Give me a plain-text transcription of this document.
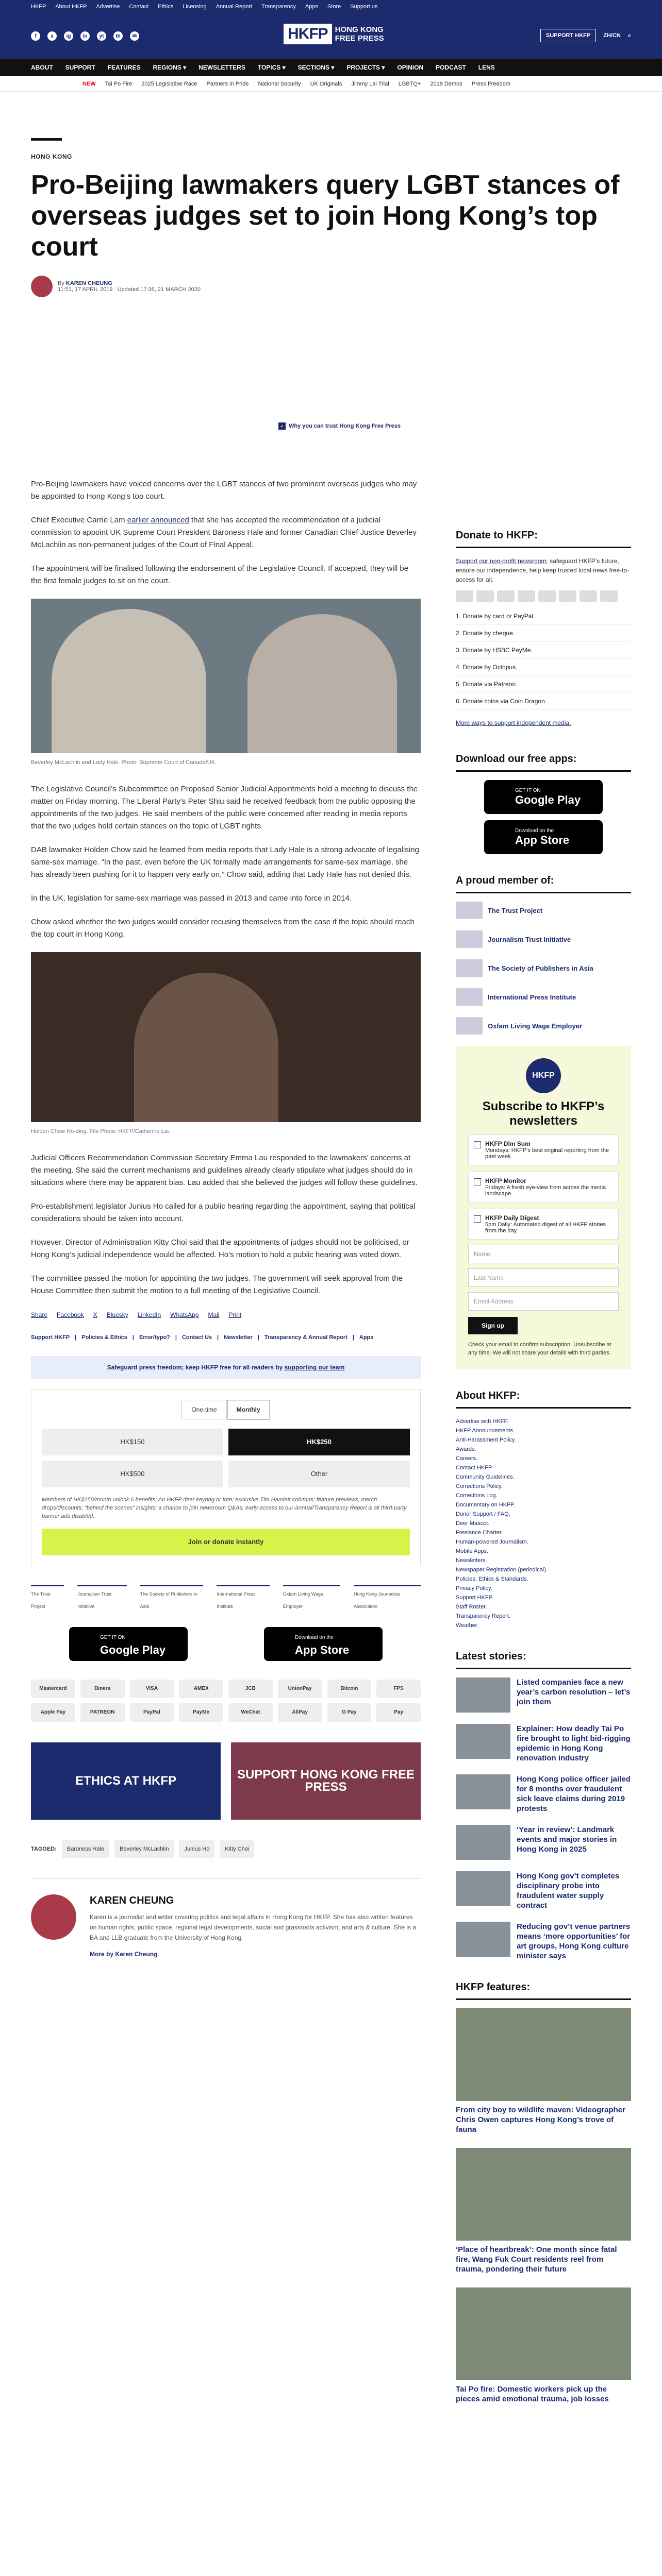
HKFP About HKFP Advertise Contact Ethics Licensing Annual Report Transparency Apps Store Support us
f	x	ig	in	yt	th	✉	HKFP HONG KONG
FREE PRESS	SUPPORT HKFP	ZH/CN ⌕
ABOUT SUPPORT FEATURES REGIONS ▾ NEWSLETTERS TOPICS ▾ SECTIONS ▾ PROJECTS ▾ OPINION PODCAST LENS
NEW Tai Po Fire 2025 Legislative Race Partners in Pride National Security UK Originals Jimmy Lai Trial LGBTQ+ 2019 Demos Press Freedom
HONG KONG
Pro-Beijing lawmakers query LGBT stances of overseas judges set to join Hong Kong’s top court
By KAREN CHEUNG
11:51, 17 APRIL 2019 Updated 17:36, 21 MARCH 2020
✓ Why you can trust Hong Kong Free Press

Pro-Beijing lawmakers have voiced concerns over the LGBT stances of two prominent overseas judges who may be appointed to Hong Kong’s top court.

Chief Executive Carrie Lam earlier announced that she has accepted the recommendation of a judicial commission to appoint UK Supreme Court President Baroness Hale and former Canadian Chief Justice Beverley McLachlin as non-permanent judges of the Court of Final Appeal.

The appointment will be finalised following the endorsement of the Legislative Council. If accepted, they will be the first female judges to sit on the court.

Beverley McLachlin and Lady Hale. Photo: Supreme Court of Canada/UK.

The Legislative Council’s Subcommittee on Proposed Senior Judicial Appointments held a meeting to discuss the matter on Friday morning. The Liberal Party’s Peter Shiu said he received feedback from the public opposing the appointments of the two judges. He said members of the public were concerned after reading in media reports that the two judges hold certain stances on the topic of LGBT rights.

DAB lawmaker Holden Chow said he learned from media reports that Lady Hale is a strong advocate of legalising same-sex marriage. “In the past, even before the UK formally made arrangements for same-sex marriage, she has already been pushing for it to happen very early on,” Chow said, adding that Lady Hale has not denied this.

In the UK, legislation for same-sex marriage was passed in 2013 and came into force in 2014.

Chow asked whether the two judges would consider recusing themselves from the case if the topic should reach the top court in Hong Kong.

Holden Chow Ho-ding. File Photo: HKFP/Catherine Lai.

Judicial Officers Recommendation Commission Secretary Emma Lau responded to the lawmakers’ concerns at the meeting. She said the current mechanisms and guidelines already clearly stipulate what judges should do in situations where there may be apparent bias. Lau added that she believed the judges will follow these guidelines.

Pro-establishment legislator Junius Ho called for a public hearing regarding the appointment, saying that political considerations should be taken into account.

However, Director of Administration Kitty Choi said that the appointments of judges should not be politicised, or Hong Kong’s judicial independence would be affected. Ho’s motion to hold a public hearing was voted down.

The committee passed the motion for appointing the two judges. The government will seek approval from the House Committee then submit the motion to a full meeting of the Legislative Council.

Share Facebook X Bluesky LinkedIn WhatsApp Mail Print
Support HKFP | Policies & Ethics | Error/typo? | Contact Us | Newsletter | Transparency & Annual Report | Apps
Safeguard press freedom; keep HKFP free for all readers by supporting our team
One-time	Monthly
HK$150	HK$250
HK$500	Other
Members of HK$150/month unlock 6 benefits: An HKFP deer keyring or tote; exclusive Tim Hamlett columns; feature previews; merch drops/discounts; “behind the scenes” insights; a chance to join newsroom Q&As; early-access to our Annual/Transparency Report & all third-party banner ads disabled.
Join or donate instantly
The Trust Project
Journalism Trust Initiative
The Society of Publishers in Asia
International Press Institute
Oxfam Living Wage Employer
Hong Kong Journalists Association
GET IT ON
Google Play
Download on the
App Store
Mastercard	Diners	VISA	AMEX	JCB	UnionPay	Bitcoin	FPS
Apple Pay	PATREON	PayPal	PayMe	WeChat	AliPay	G Pay	Pay
ETHICS AT HKFP	SUPPORT HONG KONG FREE PRESS
TAGGED:	Baroness Hale	Beverley McLachlin	Junius Ho	Kitty Choi
KAREN CHEUNG
Karen is a journalist and writer covering politics and legal affairs in Hong Kong for HKFP. She has also written features on human rights, public space, regional legal developments, social and grassroots activism, and arts & culture. She is a BA and LLB graduate from the University of Hong Kong.
More by Karen Cheung
Donate to HKFP:
Support our non-profit newsroom: safeguard HKFP’s future, ensure our independence, help keep trusted local news free-to-access for all.
1. Donate by card or PayPal.
2. Donate by cheque.
3. Donate by HSBC PayMe.
4. Donate by Octopus.
5. Donate via Patreon.
6. Donate coins via Coin Dragon.
More ways to support independent media.
Download our free apps:
GET IT ON
Google Play
Download on the
App Store
A proud member of:
The Trust Project
Journalism Trust Initiative
The Society of Publishers in Asia
International Press Institute
Oxfam Living Wage Employer
HKFP
Subscribe to HKFP’s newsletters
HKFP Dim Sum
Mondays: HKFP’s best original reporting from the past week.
HKFP Monitor
Fridays: A fresh eye-view from across the media landscape.
HKFP Daily Digest
5pm Daily: Automated digest of all HKFP stories from the day.
Name
Last Name
Email Address
Sign up
Check your email to confirm subscription. Unsubscribe at any time. We will not share your details with third parties.
About HKFP:
Advertise with HKFP.
HKFP Announcements.
Anti-Harassment Policy.
Awards.
Careers.
Contact HKFP.
Community Guidelines.
Corrections Policy.
Corrections Log.
Documentary on HKFP.
Donor Support / FAQ.
Deer Mascot.
Freelance Charter.
Human-powered Journalism.
Mobile Apps.
Newsletters.
Newspaper Registration (periodical).
Policies, Ethics & Standards.
Privacy Policy.
Support HKFP.
Staff Roster.
Transparency Report.
Weather.
Latest stories:
Listed companies face a new year’s carbon resolution – let’s join them
Explainer: How deadly Tai Po fire brought to light bid-rigging epidemic in Hong Kong renovation industry
Hong Kong police officer jailed for 8 months over fraudulent sick leave claims during 2019 protests
‘Year in review’: Landmark events and major stories in Hong Kong in 2025
Hong Kong gov’t completes disciplinary probe into fraudulent water supply contract
Reducing gov’t venue partners means ‘more opportunities’ for art groups, Hong Kong culture minister says
HKFP features:
From city boy to wildlife maven: Videographer Chris Owen captures Hong Kong’s trove of fauna
‘Place of heartbreak’: One month since fatal fire, Wang Fuk Court residents reel from trauma, pondering their future
Tai Po fire: Domestic workers pick up the pieces amid emotional trauma, job losses
